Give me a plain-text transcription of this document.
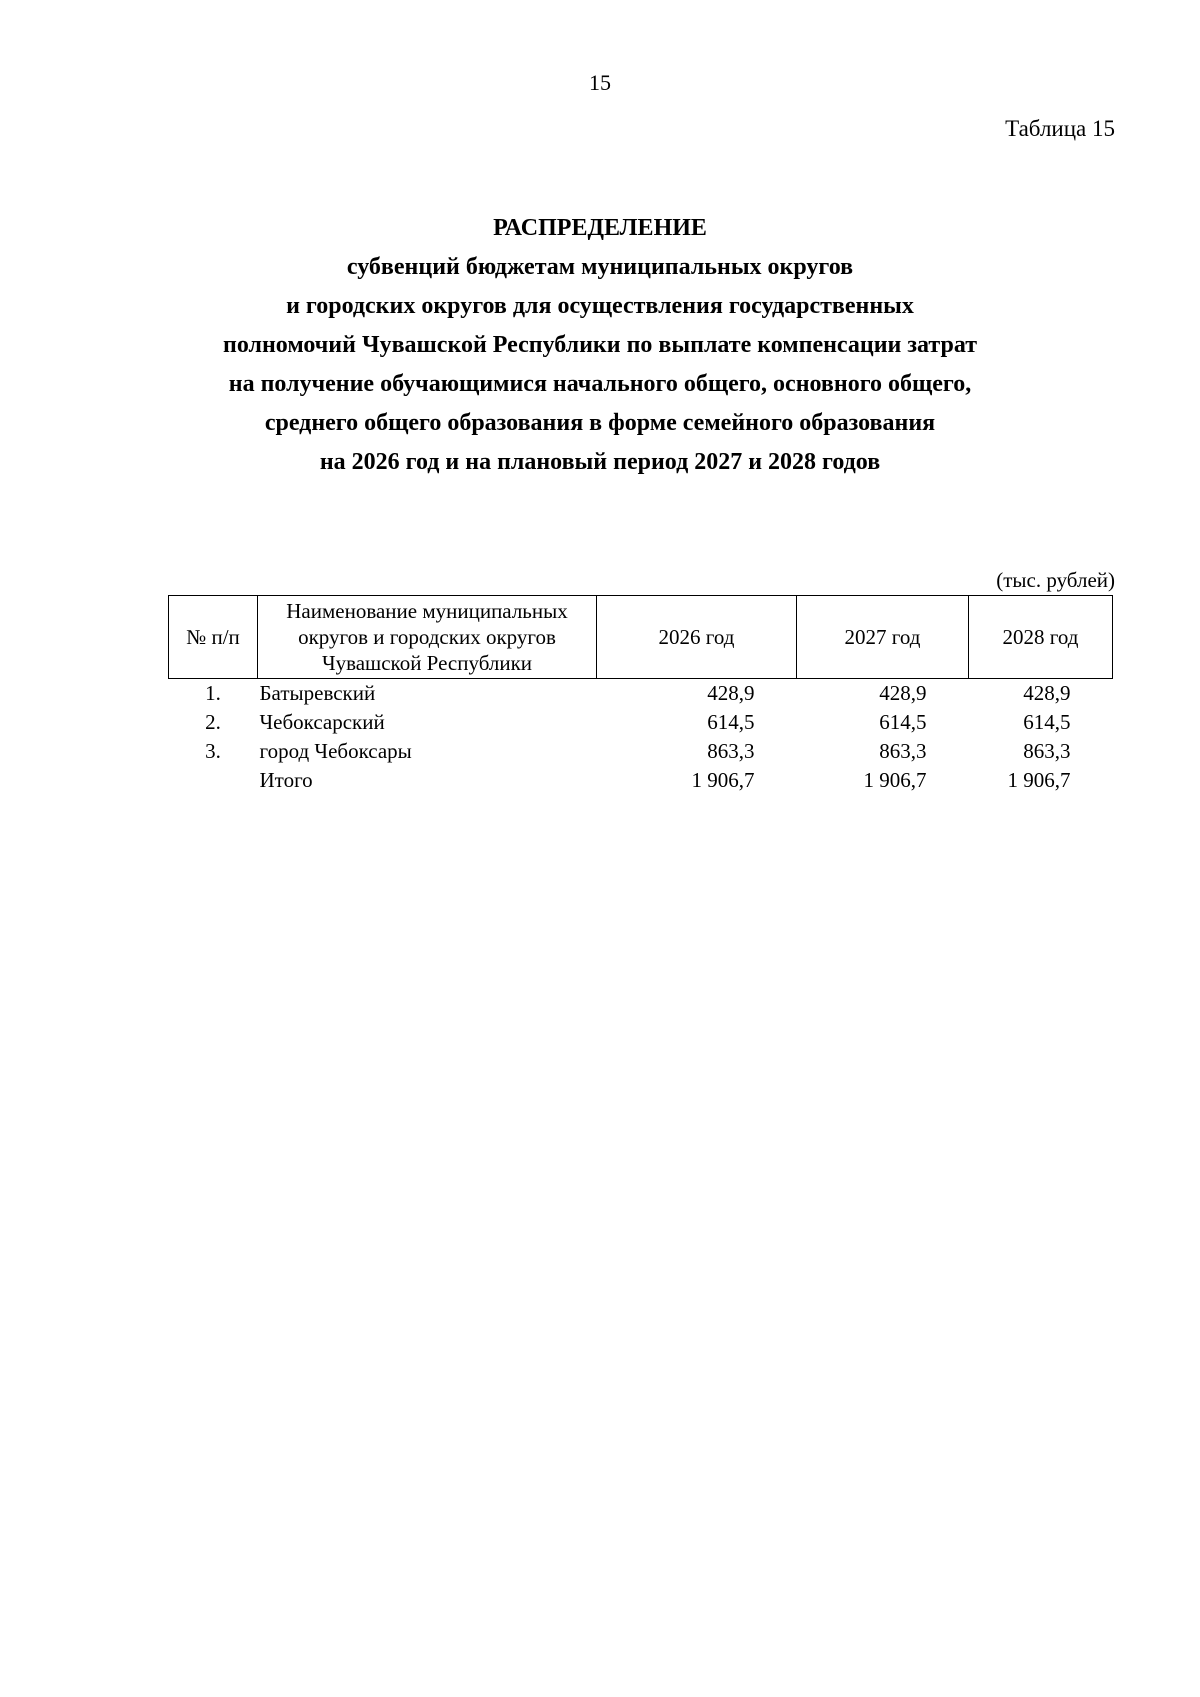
15
Таблица 15
РАСПРЕДЕЛЕНИЕ
субвенций бюджетам муниципальных округов
и городских округов для осуществления государственных
полномочий Чувашской Республики по выплате компенсации затрат
на получение обучающимися начального общего, основного общего,
среднего общего образования в форме семейного образования
на 2026 год и на плановый период 2027 и 2028 годов
(тыс. рублей)
№ п/п	Наименование муниципальных округов и городских округов Чувашской Республики	2026 год	2027 год	2028 год
1.	Батыревский	428,9	428,9	428,9
2.	Чебоксарский	614,5	614,5	614,5
3.	город Чебоксары	863,3	863,3	863,3
	Итого	1 906,7	1 906,7	1 906,7
